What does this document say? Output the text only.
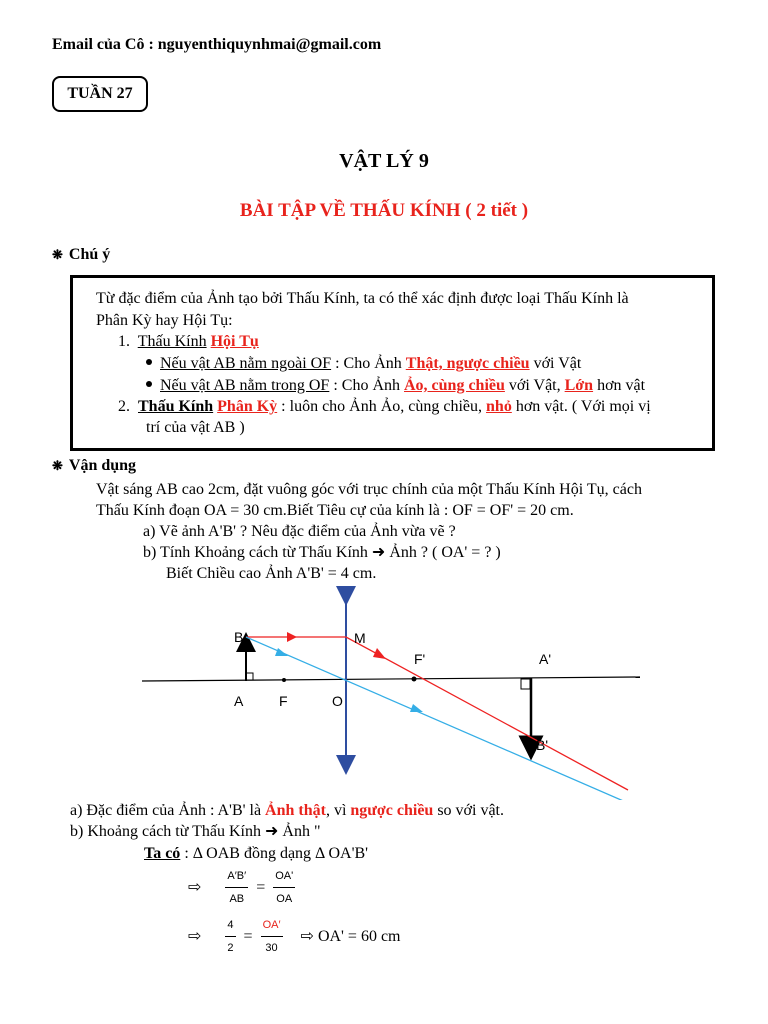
Email của Cô : nguyenthiquynhmai@gmail.com
TUẦN 27
VẬT LÝ 9
BÀI TẬP VỀ THẤU KÍNH ( 2 tiết )
❋ Chú ý
Từ đặc điểm của Ảnh tạo bởi Thấu Kính, ta có thể xác định được loại Thấu Kính là
Phân Kỳ hay Hội Tụ:
1. Thấu Kính Hội Tụ
Nếu vật AB nằm ngoài OF : Cho Ảnh Thật, ngược chiều với Vật
Nếu vật AB nằm trong OF : Cho Ảnh Ảo, cùng chiều với Vật, Lớn hơn vật
2. Thấu Kính Phân Kỳ : luôn cho Ảnh Ảo, cùng chiều, nhỏ hơn vật. ( Với mọi vị
trí của vật AB )
❋ Vận dụng
Vật sáng AB cao 2cm, đặt vuông góc với trục chính của một Thấu Kính Hội Tụ, cách
Thấu Kính đoạn OA = 30 cm.Biết Tiêu cự của kính là : OF = OF' = 20 cm.
a) Vẽ ảnh A'B' ? Nêu đặc điểm của Ảnh vừa vẽ ?
b) Tính Khoảng cách từ Thấu Kính ➜ Ảnh ? ( OA' = ? )
Biết Chiều cao Ảnh A'B' = 4 cm.
B	M
F'	A'
A	F	O
B'
a) Đặc điểm của Ảnh : A'B' là Ảnh thật, vì ngược chiều so với vật.
b) Khoảng cách từ Thấu Kính ➜ Ảnh "
Ta có : Δ OAB đồng dạng Δ OA'B'
⇨ $\frac{A'B'}{AB} = \frac{OA'}{OA}$
⇨ $\frac{4}{2} = \frac{OA'}{30}$ ⇨ OA' = 60 cm
